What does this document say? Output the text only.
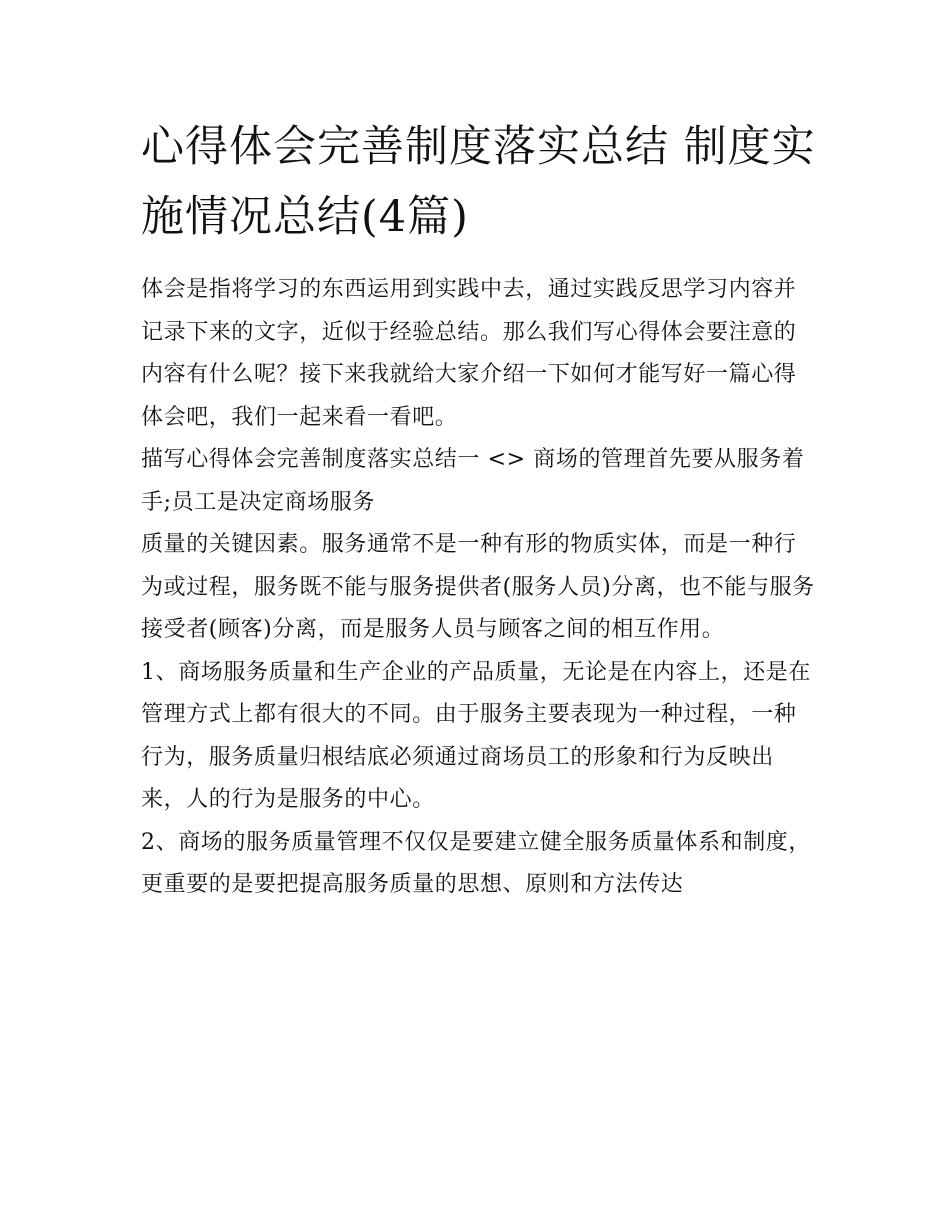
心得体会完善制度落实总结 制度实施情况总结(4篇)

体会是指将学习的东西运用到实践中去，通过实践反思学习内容并记录下来的文字，近似于经验总结。那么我们写心得体会要注意的内容有什么呢？接下来我就给大家介绍一下如何才能写好一篇心得体会吧，我们一起来看一看吧。

描写心得体会完善制度落实总结一 <> 商场的管理首先要从服务着手;员工是决定商场服务

质量的关键因素。服务通常不是一种有形的物质实体，而是一种行为或过程，服务既不能与服务提供者(服务人员)分离，也不能与服务接受者(顾客)分离，而是服务人员与顾客之间的相互作用。

1、商场服务质量和生产企业的产品质量，无论是在内容上，还是在管理方式上都有很大的不同。由于服务主要表现为一种过程，一种行为，服务质量归根结底必须通过商场员工的形象和行为反映出来，人的行为是服务的中心。

2、商场的服务质量管理不仅仅是要建立健全服务质量体系和制度，更重要的是要把提高服务质量的思想、原则和方法传达
